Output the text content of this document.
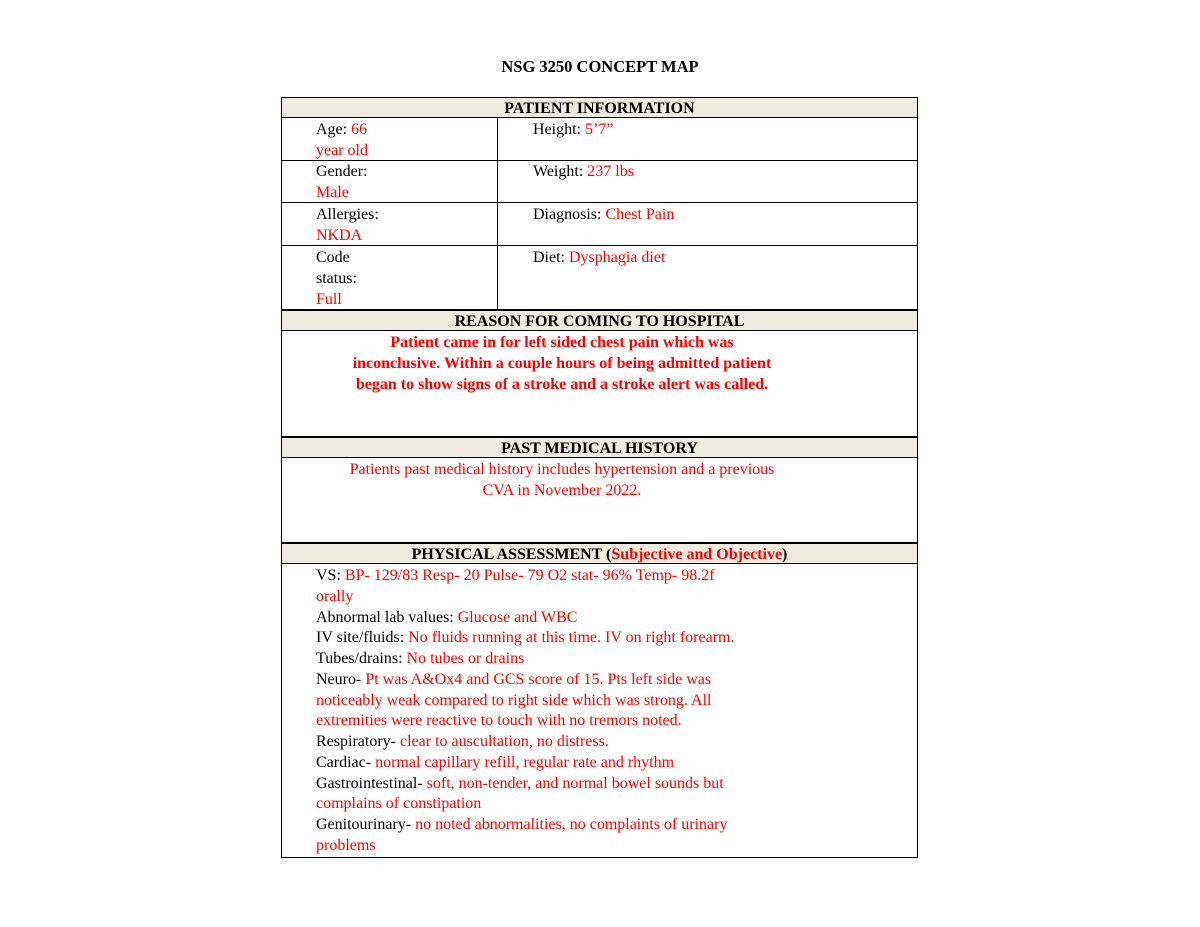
NSG 3250 CONCEPT MAP
PATIENT INFORMATION
Age: 66
year old
Height: 5’7”
Gender:
Male
Weight: 237 lbs
Allergies:
NKDA
Diagnosis: Chest Pain
Code
status:
Full
Diet: Dysphagia diet
REASON FOR COMING TO HOSPITAL
Patient came in for left sided chest pain which was
inconclusive. Within a couple hours of being admitted patient
began to show signs of a stroke and a stroke alert was called.
PAST MEDICAL HISTORY
Patients past medical history includes hypertension and a previous
CVA in November 2022.
PHYSICAL ASSESSMENT (Subjective and Objective)
VS: BP- 129/83 Resp- 20 Pulse- 79 O2 stat- 96% Temp- 98.2f
orally
Abnormal lab values: Glucose and WBC
IV site/fluids: No fluids running at this time. IV on right forearm.
Tubes/drains: No tubes or drains
Neuro- Pt was A&Ox4 and GCS score of 15. Pts left side was
noticeably weak compared to right side which was strong. All
extremities were reactive to touch with no tremors noted.
Respiratory- clear to auscultation, no distress.
Cardiac- normal capillary refill, regular rate and rhythm
Gastrointestinal- soft, non-tender, and normal bowel sounds but
complains of constipation
Genitourinary- no noted abnormalities, no complaints of urinary
problems
